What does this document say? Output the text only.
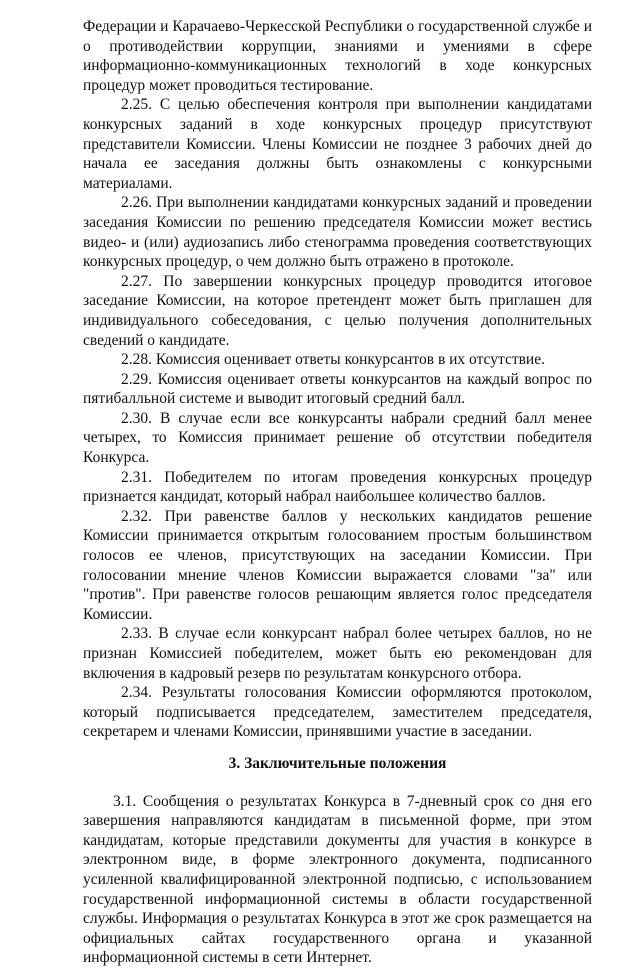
Федерации и Карачаево-Черкесской Республики о государственной службе и о противодействии коррупции, знаниями и умениями в сфере информационно-коммуникационных технологий в ходе конкурсных процедур может проводиться тестирование.

2.25. С целью обеспечения контроля при выполнении кандидатами конкурсных заданий в ходе конкурсных процедур присутствуют представители Комиссии. Члены Комиссии не позднее 3 рабочих дней до начала ее заседания должны быть ознакомлены с конкурсными материалами.

2.26. При выполнении кандидатами конкурсных заданий и проведении заседания Комиссии по решению председателя Комиссии может вестись видео- и (или) аудиозапись либо стенограмма проведения соответствующих конкурсных процедур, о чем должно быть отражено в протоколе.

2.27. По завершении конкурсных процедур проводится итоговое заседание Комиссии, на которое претендент может быть приглашен для индивидуального собеседования, с целью получения дополнительных сведений о кандидате.

2.28. Комиссия оценивает ответы конкурсантов в их отсутствие.

2.29. Комиссия оценивает ответы конкурсантов на каждый вопрос по пятибалльной системе и выводит итоговый средний балл.

2.30. В случае если все конкурсанты набрали средний балл менее четырех, то Комиссия принимает решение об отсутствии победителя Конкурса.

2.31. Победителем по итогам проведения конкурсных процедур признается кандидат, который набрал наибольшее количество баллов.

2.32. При равенстве баллов у нескольких кандидатов решение Комиссии принимается открытым голосованием простым большинством голосов ее членов, присутствующих на заседании Комиссии. При голосовании мнение членов Комиссии выражается словами "за" или "против". При равенстве голосов решающим является голос председателя Комиссии.

2.33. В случае если конкурсант набрал более четырех баллов, но не признан Комиссией победителем, может быть ею рекомендован для включения в кадровый резерв по результатам конкурсного отбора.

2.34. Результаты голосования Комиссии оформляются протоколом, который подписывается председателем, заместителем председателя, секретарем и членами Комиссии, принявшими участие в заседании.

3. Заключительные положения

3.1. Сообщения о результатах Конкурса в 7-дневный срок со дня его завершения направляются кандидатам в письменной форме, при этом кандидатам, которые представили документы для участия в конкурсе в электронном виде, в форме электронного документа, подписанного усиленной квалифицированной электронной подписью, с использованием государственной информационной системы в области государственной службы. Информация о результатах Конкурса в этот же срок размещается на официальных сайтах государственного органа и указанной информационной системы в сети Интернет.
